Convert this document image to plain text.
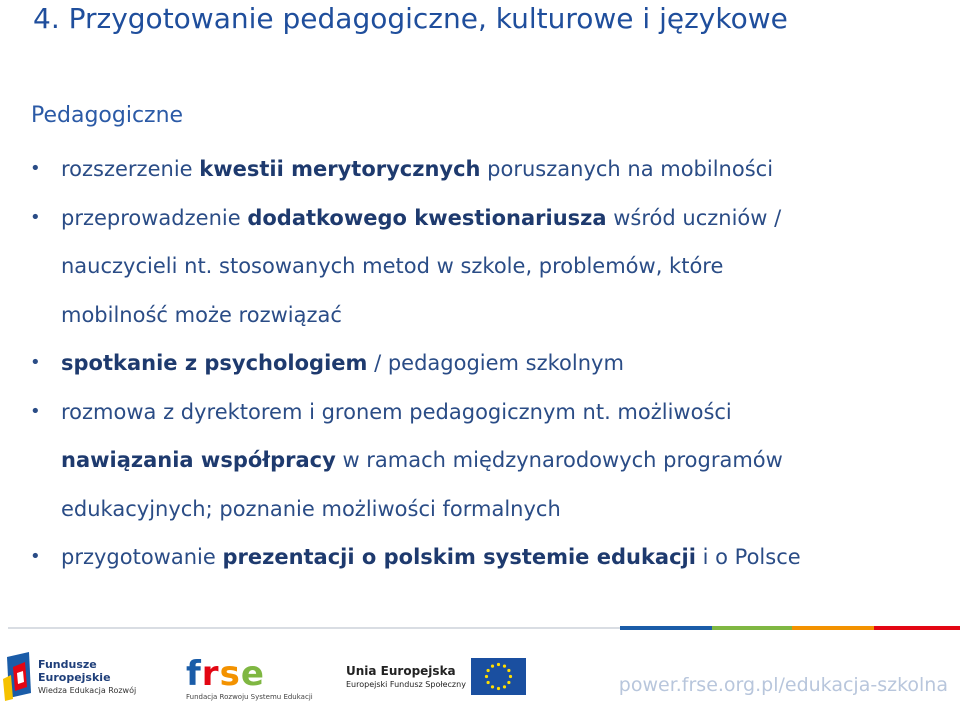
4. Przygotowanie pedagogiczne, kulturowe i językowe
Pedagogiczne
• rozszerzenie kwestii merytorycznych poruszanych na mobilności
• przeprowadzenie dodatkowego kwestionariusza wśród uczniów /
nauczycieli nt. stosowanych metod w szkole, problemów, które
mobilność może rozwiązać
• spotkanie z psychologiem / pedagogiem szkolnym
• rozmowa z dyrektorem i gronem pedagogicznym nt. możliwości
nawiązania współpracy w ramach międzynarodowych programów
edukacyjnych; poznanie możliwości formalnych
• przygotowanie prezentacji o polskim systemie edukacji i o Polsce
Fundusze
Europejskie
Wiedza Edukacja Rozwój frse
Fundacja Rozwoju Systemu Edukacji
Unia Europejska
Europejski Fundusz Społeczny	power.frse.org.pl/edukacja-szkolna
